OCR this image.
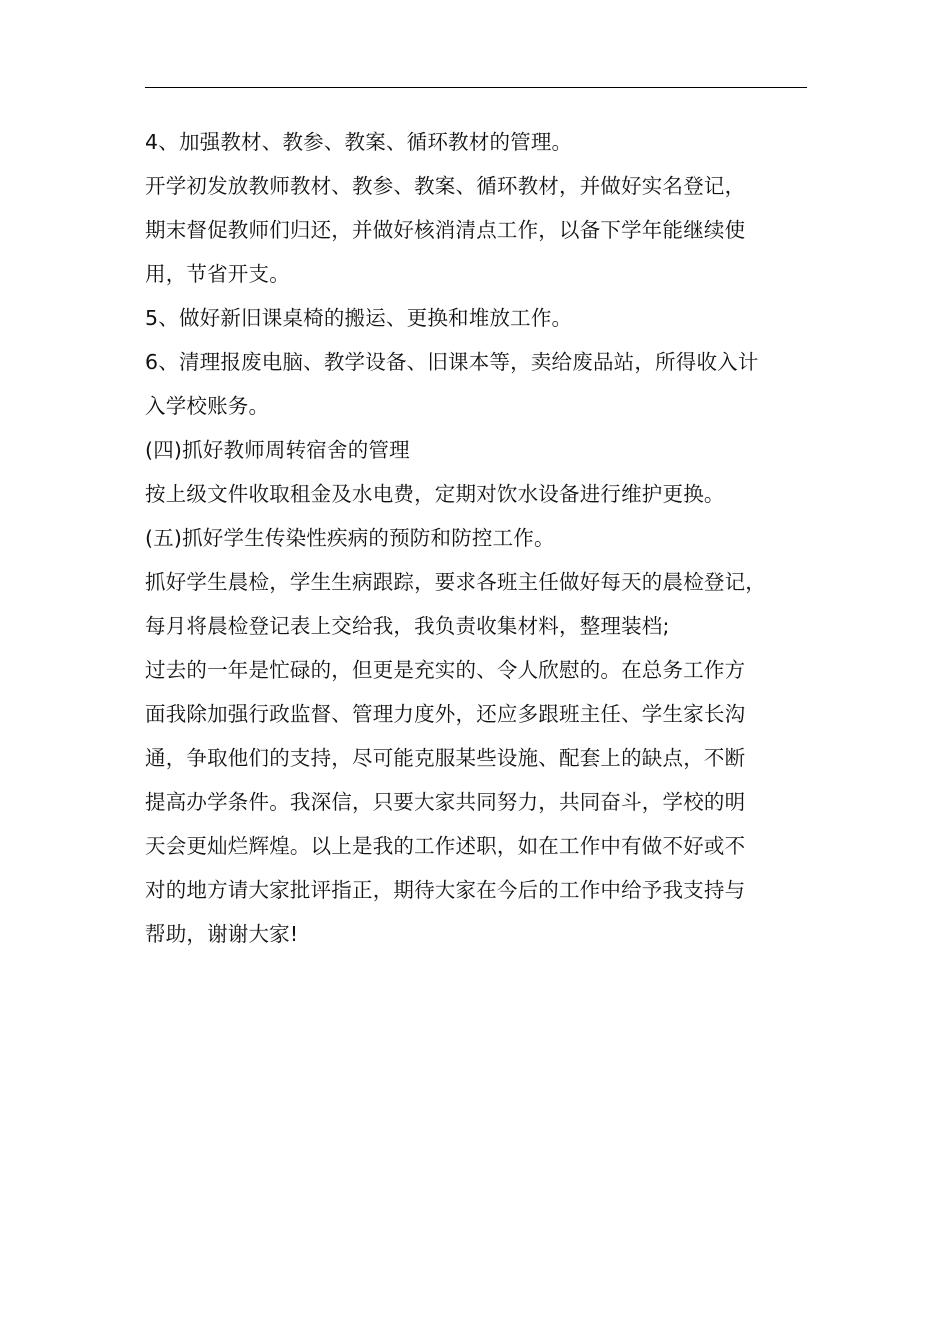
4、加强教材、教参、教案、循环教材的管理。
开学初发放教师教材、教参、教案、循环教材，并做好实名登记，
期末督促教师们归还，并做好核消清点工作，以备下学年能继续使
用，节省开支。
5、做好新旧课桌椅的搬运、更换和堆放工作。
6、清理报废电脑、教学设备、旧课本等，卖给废品站，所得收入计
入学校账务。
(四)抓好教师周转宿舍的管理
按上级文件收取租金及水电费，定期对饮水设备进行维护更换。
(五)抓好学生传染性疾病的预防和防控工作。
抓好学生晨检，学生生病跟踪，要求各班主任做好每天的晨检登记，
每月将晨检登记表上交给我，我负责收集材料，整理装档;
过去的一年是忙碌的，但更是充实的、令人欣慰的。在总务工作方
面我除加强行政监督、管理力度外，还应多跟班主任、学生家长沟
通，争取他们的支持，尽可能克服某些设施、配套上的缺点，不断
提高办学条件。我深信，只要大家共同努力，共同奋斗，学校的明
天会更灿烂辉煌。以上是我的工作述职，如在工作中有做不好或不
对的地方请大家批评指正，期待大家在今后的工作中给予我支持与
帮助，谢谢大家!
